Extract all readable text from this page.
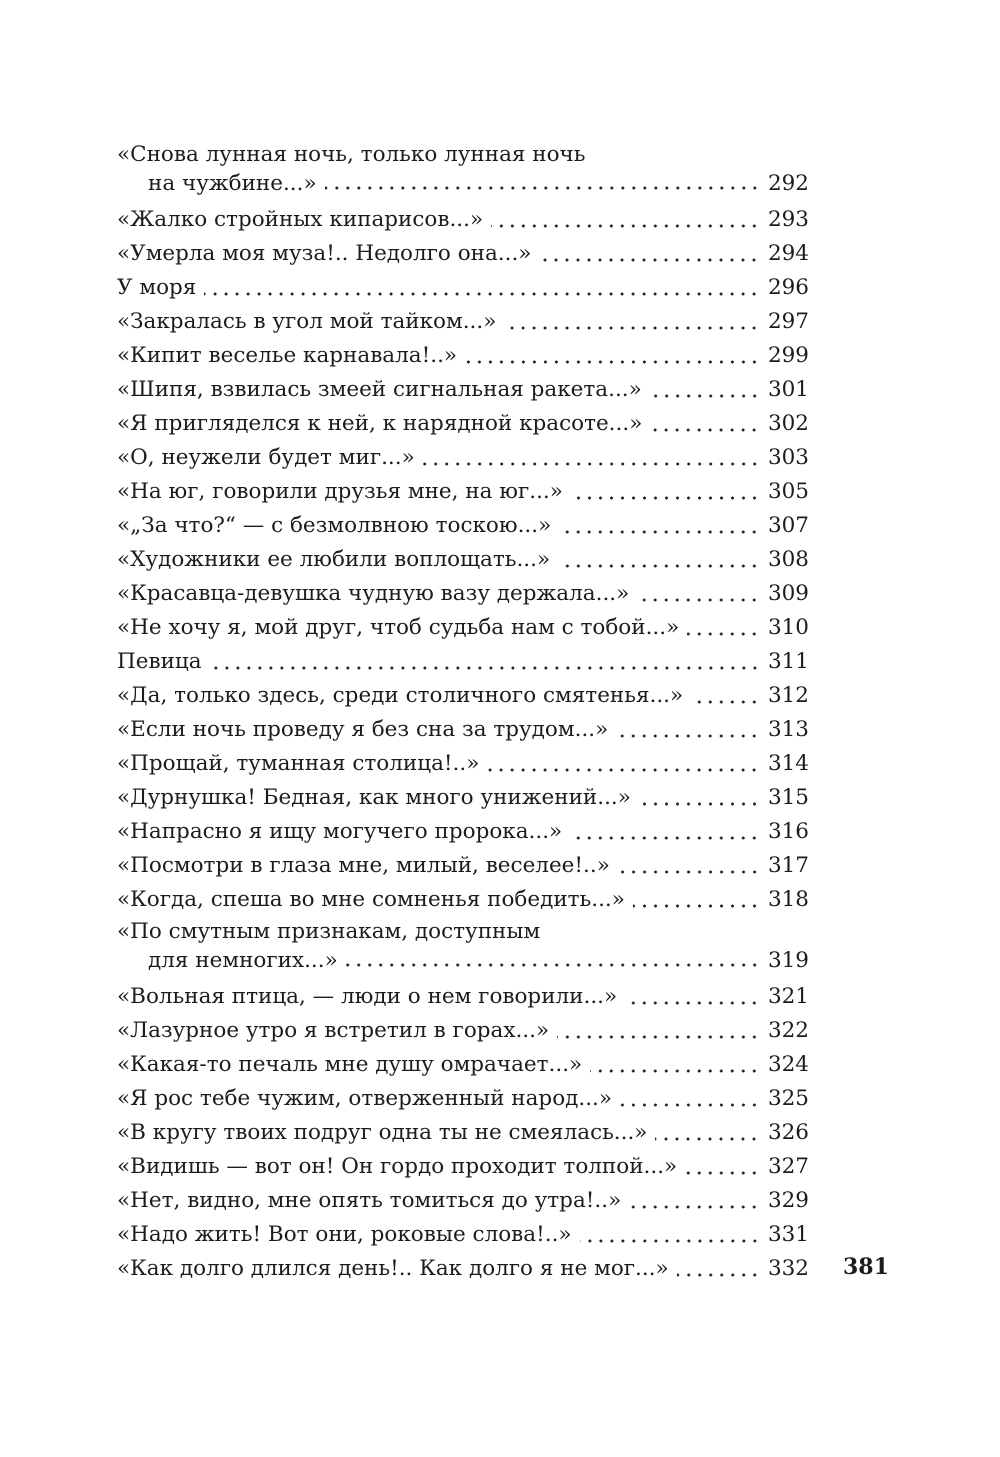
«Снова лунная ночь, только лунная ночь
на чужбине...»	292
«Жалко стройных кипарисов...»	293
«Умерла моя муза!.. Недолго она...»	294
У моря	296
«Закралась в угол мой тайком...»	297
«Кипит веселье карнавала!..»	299
«Шипя, взвилась змеей сигнальная ракета...»	301
«Я пригляделся к ней, к нарядной красоте...»	302
«О, неужели будет миг...»	303
«На юг, говорили друзья мне, на юг...»	305
«„За что?“ — с безмолвною тоскою...»	307
«Художники ее любили воплощать...»	308
«Красавца-девушка чудную вазу держала...»	309
«Не хочу я, мой друг, чтоб судьба нам с тобой...»	310
Певица	311
«Да, только здесь, среди столичного смятенья...»	312
«Если ночь проведу я без сна за трудом...»	313
«Прощай, туманная столица!..»	314
«Дурнушка! Бедная, как много унижений...»	315
«Напрасно я ищу могучего пророка...»	316
«Посмотри в глаза мне, милый, веселее!..»	317
«Когда, спеша во мне сомненья победить...»	318
«По смутным признакам, доступным
для немногих...»	319
«Вольная птица, — люди о нем говорили...»	321
«Лазурное утро я встретил в горах...»	322
«Какая-то печаль мне душу омрачает...»	324
«Я рос тебе чужим, отверженный народ...»	325
«В кругу твоих подруг одна ты не смеялась...»	326
«Видишь — вот он! Он гордо проходит толпой...»	327
«Нет, видно, мне опять томиться до утра!..»	329
«Надо жить! Вот они, роковые слова!..»	331
«Как долго длился день!.. Как долго я не мог...»	332 381
